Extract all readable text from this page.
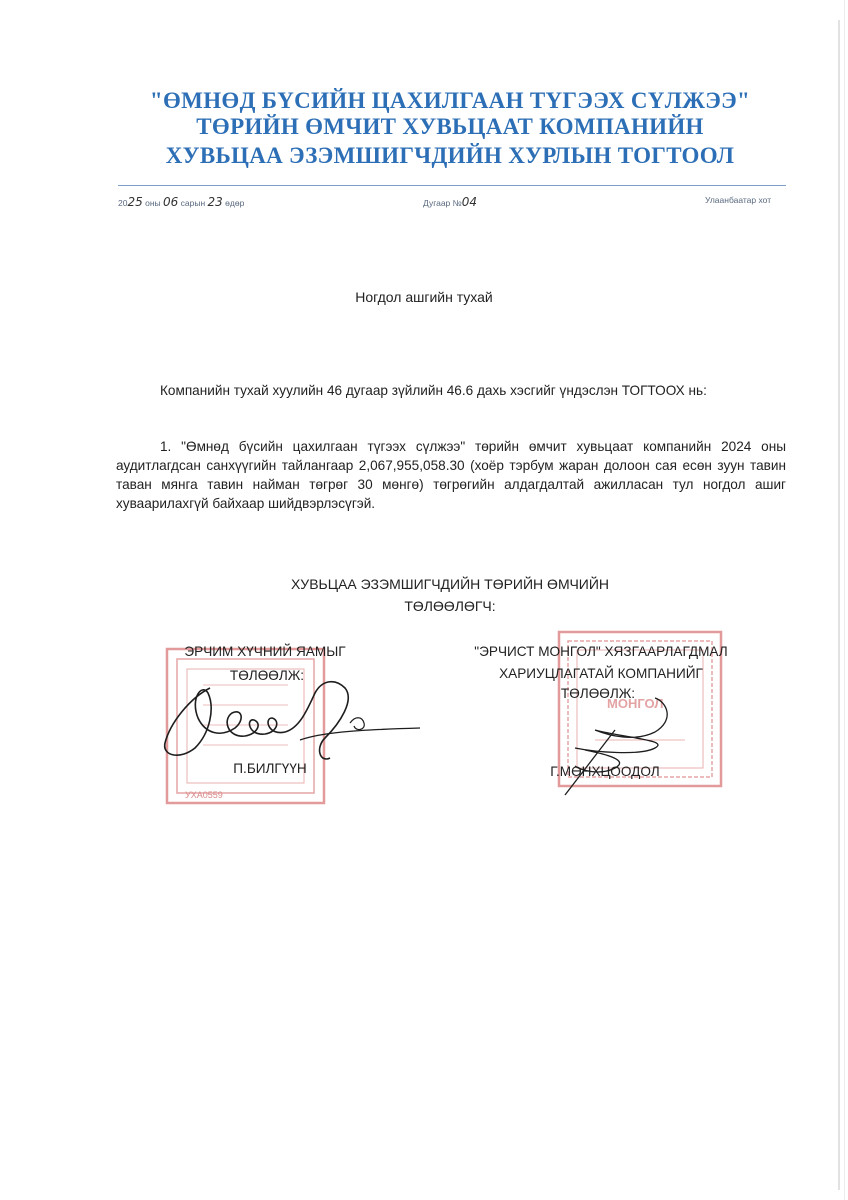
"ӨМНӨД БҮСИЙН ЦАХИЛГААН ТҮГЭЭХ СҮЛЖЭЭ"
ТӨРИЙН ӨМЧИТ ХУВЬЦААТ КОМПАНИЙН
ХУВЬЦАА ЭЗЭМШИГЧДИЙН ХУРЛЫН ТОГТООЛ
2025 оны 06 сарын 23 өдөр	Дугаар №04	Улаанбаатар хот
Ногдол ашгийн тухай
Компанийн тухай хуулийн 46 дугаар зүйлийн 46.6 дахь хэсгийг үндэслэн ТОГТООХ нь:
1. "Өмнөд бүсийн цахилгаан түгээх сүлжээ" төрийн өмчит хувьцаат компанийн 2024 оны аудитлагдсан санхүүгийн тайлангаар 2,067,955,058.30 (хоёр тэрбум жаран долоон сая есөн зуун тавин таван мянга тавин найман төгрөг 30 мөнгө) төгрөгийн алдагдалтай ажилласан тул ногдол ашиг хуваарилахгүй байхаар шийдвэрлэсүгэй.
ХУВЬЦАА ЭЗЭМШИГЧДИЙН ТӨРИЙН ӨМЧИЙН
ТӨЛӨӨЛӨГЧ:
УХА0559
МОНГОЛ
ЭРЧИМ ХҮЧНИЙ ЯАМЫГ
ТӨЛӨӨЛЖ:
П.БИЛГҮҮН
"ЭРЧИСТ МОНГОЛ" ХЯЗГААРЛАГДМАЛ
ХАРИУЦЛАГАТАЙ КОМПАНИЙГ
ТӨЛӨӨЛЖ:
Г.МӨНХЦООДОЛ
